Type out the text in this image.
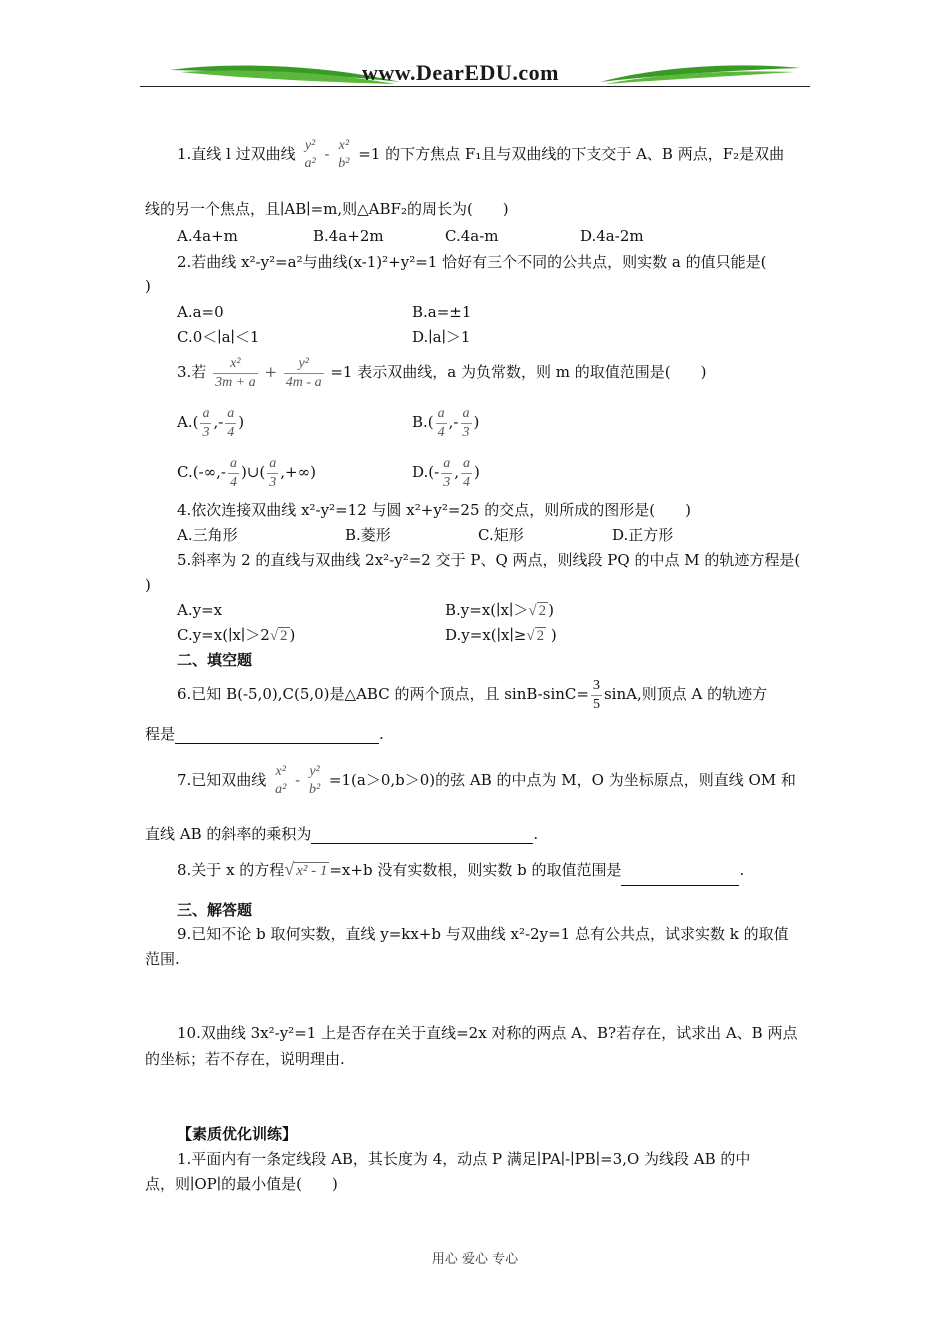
www.DearEDU.com
1.直线 l 过双曲线 y²
a²
- x²
b²
=1 的下方焦点 F₁且与双曲线的下支交于 A、B 两点，F₂是双曲
线的另一个焦点，且∣AB∣=m,则△ABF₂的周长为(　　)
A.4a+m	B.4a+2m	C.4a-m	D.4a-2m
2.若曲线 x²-y²=a²与曲线(x-1)²+y²=1 恰好有三个不同的公共点，则实数 a 的值只能是(
)
A.a=0	B.a=±1
C.0＜∣a∣＜1	D.∣a∣＞1
3.若 $\frac{\text{x²}}{3m + a} + \frac{\text{y²}}{4m - a} =1$ 表示双曲线，a 为负常数，则 m 的取值范围是(　　)
$A.( \frac{a}{3}$ ,- $\frac{a}{4}$ )	$B.( \frac{a}{4}$ ,- $\frac{a}{3}$ )
$C.(-\infty,- \frac{a}{4}$ )∪( $\frac{a}{3}$ ,+∞)	$D.(- \frac{a}{3}$ , $\frac{a}{4}$ )
4.依次连接双曲线 x²-y²=12 与圆 x²+y²=25 的交点，则所成的图形是(　　)
A.三角形	B.菱形	C.矩形	D.正方形
5.斜率为 2 的直线与双曲线 2x²-y²=2 交于 P、Q 两点，则线段 PQ 的中点 M 的轨迹方程是(
)
A.y=x	B.y=x(∣x∣＞√ 2 )
C.y=x(∣x∣＞2√ 2 )	D.y=x(∣x∣≥√ 2 )
二、填空题
6.已知 B(-5,0),C(5,0)是△ABC 的两个顶点，且 $\sin B-\sin C= \frac{3}{5} \sin A$,则顶点 A 的轨迹方
程是	.
7.已知双曲线 x²
a²
- y²
b²
=1(a＞0,b＞0)的弦 AB 的中点为 M，O 为坐标原点，则直线 OM 和
直线 AB 的斜率的乘积为	.
8.关于 x 的方程√ x² - 1 =x+b 没有实数根，则实数 b 的取值范围是	.
三、解答题
9.已知不论 b 取何实数，直线 y=kx+b 与双曲线 x²-2y=1 总有公共点，试求实数 k 的取值
范围.
10.双曲线 3x²-y²=1 上是否存在关于直线=2x 对称的两点 A、B?若存在，试求出 A、B 两点
的坐标；若不存在，说明理由.
【素质优化训练】
1.平面内有一条定线段 AB，其长度为 4，动点 P 满足∣PA∣-∣PB∣=3,O 为线段 AB 的中
点，则∣OP∣的最小值是(　　)
用心 爱心 专心
